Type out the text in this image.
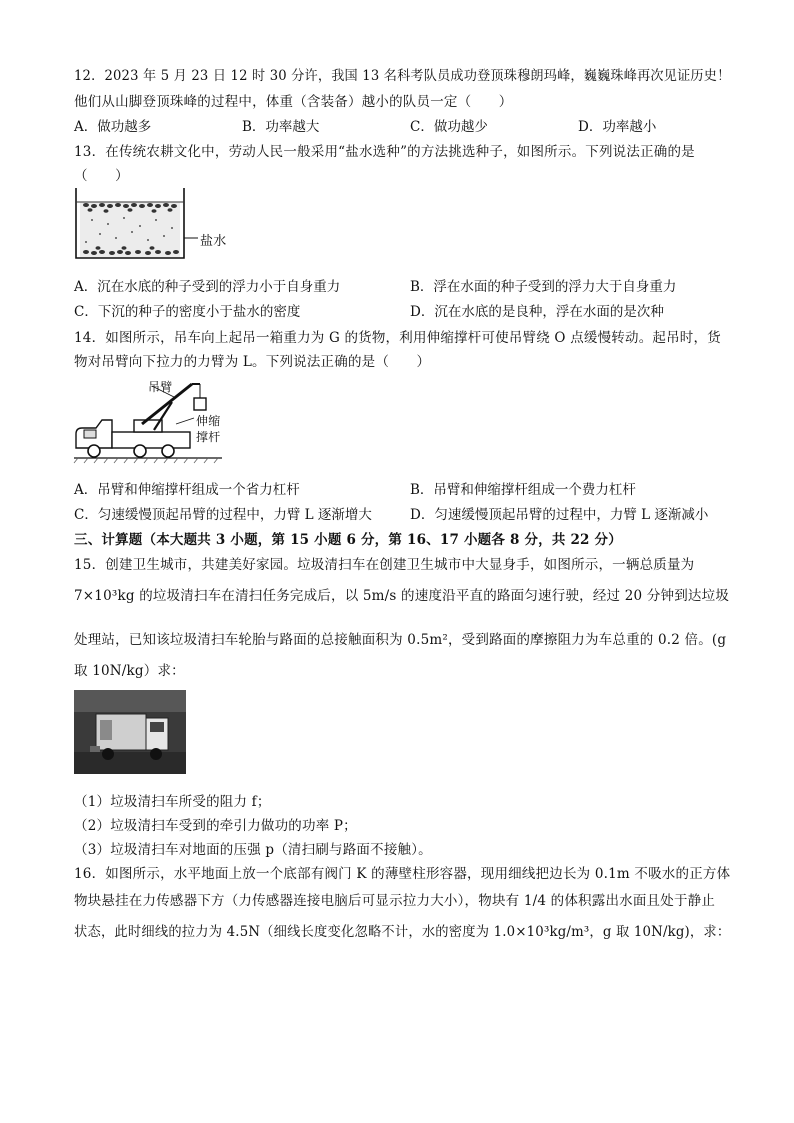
12．2023 年 5 月 23 日 12 时 30 分许，我国 13 名科考队员成功登顶珠穆朗玛峰，巍巍珠峰再次见证历史！
他们从山脚登顶珠峰的过程中，体重（含装备）越小的队员一定（　　）
A．做功越多	B．功率越大	C．做功越少	D．功率越小
13．在传统农耕文化中，劳动人民一般采用“盐水选种”的方法挑选种子，如图所示。下列说法正确的是
（　　）
盐水
A．沉在水底的种子受到的浮力小于自身重力	B．浮在水面的种子受到的浮力大于自身重力
C．下沉的种子的密度小于盐水的密度	D．沉在水底的是良种，浮在水面的是次种
14．如图所示，吊车向上起吊一箱重力为 G 的货物，利用伸缩撑杆可使吊臂绕 O 点缓慢转动。起吊时，货
物对吊臂向下拉力的力臂为 L。下列说法正确的是（　　）
吊臂
伸缩
撑杆
A．吊臂和伸缩撑杆组成一个省力杠杆	B．吊臂和伸缩撑杆组成一个费力杠杆
C．匀速缓慢顶起吊臂的过程中，力臂 L 逐渐增大	D．匀速缓慢顶起吊臂的过程中，力臂 L 逐渐减小
三、计算题（本大题共 3 小题，第 15 小题 6 分，第 16、17 小题各 8 分，共 22 分）
15．创建卫生城市，共建美好家园。垃圾清扫车在创建卫生城市中大显身手，如图所示，一辆总质量为
7×10³kg 的垃圾清扫车在清扫任务完成后，以 5m/s 的速度沿平直的路面匀速行驶，经过 20 分钟到达垃圾
处理站，已知该垃圾清扫车轮胎与路面的总接触面积为 0.5m²，受到路面的摩擦阻力为车总重的 0.2 倍。(g
取 10N/kg）求：
（1）垃圾清扫车所受的阻力 f；
（2）垃圾清扫车受到的牵引力做功的功率 P；
（3）垃圾清扫车对地面的压强 p（清扫刷与路面不接触）。
16．如图所示，水平地面上放一个底部有阀门 K 的薄壁柱形容器，现用细线把边长为 0.1m 不吸水的正方体
物块悬挂在力传感器下方（力传感器连接电脑后可显示拉力大小），物块有 1/4 的体积露出水面且处于静止
状态，此时细线的拉力为 4.5N（细线长度变化忽略不计，水的密度为 1.0×10³kg/m³，g 取 10N/kg)，求：
